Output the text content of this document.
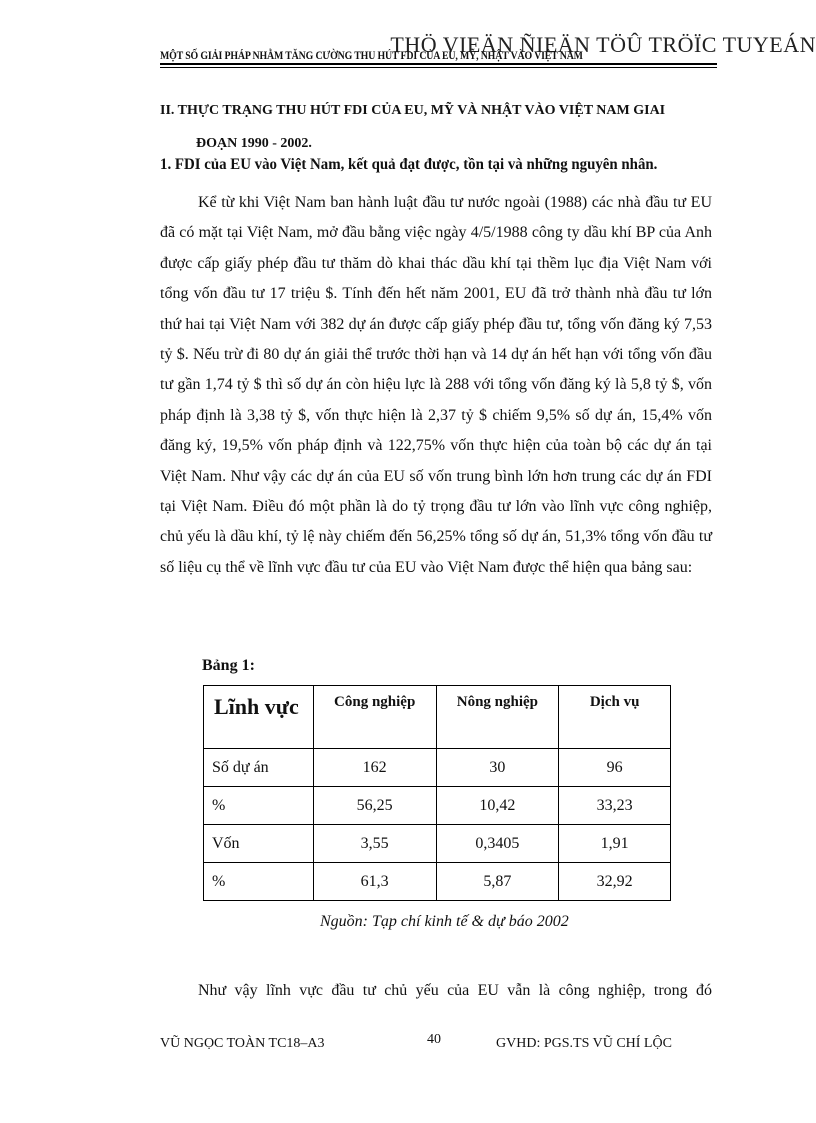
THÖ VIEÄN ÑIEÄN TÖÛ TRÖÏC TUYEÁN
MỘT SỐ GIẢI PHÁP NHẰM TĂNG CƯỜNG THU HÚT FDI CỦA EU, MỸ, NHẬT VÀO VIỆT NAM
II. THỰC TRẠNG THU HÚT FDI CỦA EU, MỸ VÀ NHẬT VÀO VIỆT NAM GIAI
ĐOẠN 1990 - 2002.
1. FDI của EU vào Việt Nam, kết quả đạt được, tồn tại và những nguyên nhân.
Kể từ khi Việt Nam ban hành luật đầu tư nước ngoài (1988) các nhà đầu tư EU đã có mặt tại Việt Nam, mở đầu bằng việc ngày 4/5/1988 công ty dầu khí BP của Anh được cấp giấy phép đầu tư thăm dò khai thác dầu khí tại thềm lục địa Việt Nam với tổng vốn đầu tư 17 triệu $. Tính đến hết năm 2001, EU đã trở thành nhà đầu tư lớn thứ hai tại Việt Nam với 382 dự án được cấp giấy phép đầu tư, tổng vốn đăng ký 7,53 tỷ $. Nếu trừ đi 80 dự án giải thể trước thời hạn và 14 dự án hết hạn với tổng vốn đầu tư gần 1,74 tỷ $ thì số dự án còn hiệu lực là 288 với tổng vốn đăng ký là 5,8 tỷ $, vốn pháp định là 3,38 tỷ $, vốn thực hiện là 2,37 tỷ $ chiếm 9,5% số dự án, 15,4% vốn đăng ký, 19,5% vốn pháp định và 122,75% vốn thực hiện của toàn bộ các dự án tại Việt Nam. Như vậy các dự án của EU số vốn trung bình lớn hơn trung các dự án FDI tại Việt Nam. Điều đó một phần là do tỷ trọng đầu tư lớn vào lĩnh vực công nghiệp, chủ yếu là dầu khí, tỷ lệ này chiếm đến 56,25% tổng số dự án, 51,3% tổng vốn đầu tư số liệu cụ thể về lĩnh vực đầu tư của EU vào Việt Nam được thể hiện qua bảng sau:
Bảng 1:
Lĩnh vực	Công nghiệp	Nông nghiệp	Dịch vụ
Số dự án	162	30	96
%	56,25	10,42	33,23
Vốn	3,55	0,3405	1,91
%	61,3	5,87	32,92
Nguồn: Tạp chí kinh tế & dự báo 2002
Như vậy lĩnh vực đầu tư chủ yếu của EU vẫn là công nghiệp, trong đó
VŨ NGỌC TOÀN TC18–A3	40	GVHD: PGS.TS VŨ CHÍ LỘC
